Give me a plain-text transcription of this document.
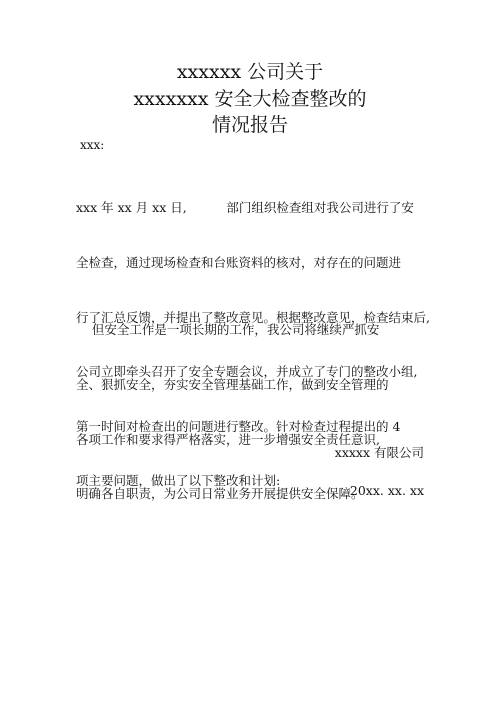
xxxxxx 公司关于
xxxxxxx 安全大检查整改的
情况报告
xxx:

xxx 年 xx 月 xx 日,          部门组织检查组对我公司进行了安

全检查，通过现场检查和台账资料的核对，对存在的问题进

行了汇总反馈，并提出了整改意见。根据整改意见，检查结束后,

公司立即牵头召开了安全专题会议，并成立了专门的整改小组,

第一时间对检查出的问题进行整改。针对检查过程提出的 4

项主要问题，做出了以下整改和计划:

但安全工作是一项长期的工作，我公司将继续严抓安

全、狠抓安全，夯实安全管理基础工作，做到安全管理的

各项工作和要求得严格落实，进一步增强安全责任意识,

明确各自职责，为公司日常业务开展提供安全保障。

xxxxx 有限公司
20xx. xx. xx
